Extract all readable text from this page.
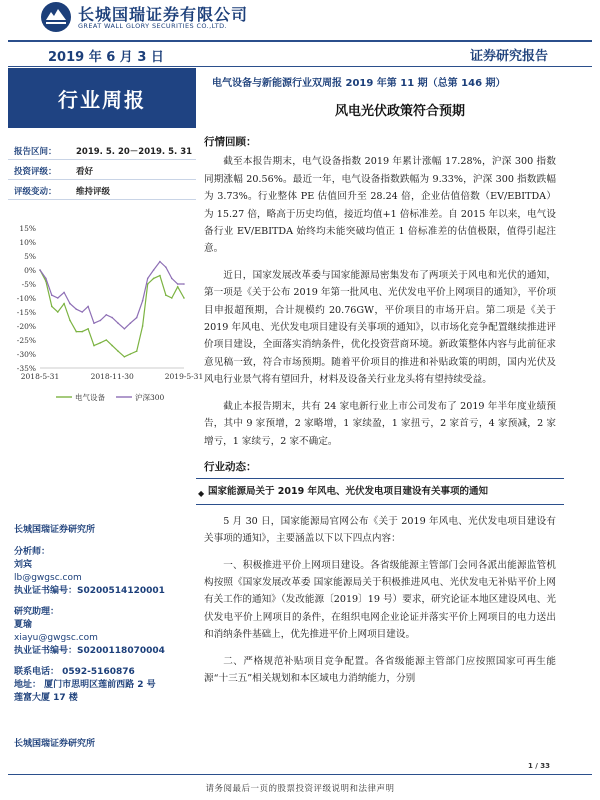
长城国瑞证券有限公司
GREAT WALL GLORY SECURITIES CO.,LTD.
2019 年 6 月 3 日	证券研究报告
行业周报
电气设备与新能源行业双周报 2019 年第 11 期（总第 146 期）
风电光伏政策符合预期
报告区间： 2019. 5. 20－2019. 5. 31
投资评级： 看好
评级变动： 维持评级
15%
10%
5%
0%
-5%
-10%
-15%
-20%
-25%
-30%
-35%
2018-5-31	2018-11-30	2019-5-31
电气设备	沪深300
长城国瑞证券研究所
分析师：
刘宾
lb@gwgsc.com
执业证书编号：S0200514120001
研究助理：
夏瑜
xiayu@gwgsc.com
执业证书编号：S0200118070004
联系电话： 0592-5160876
地址： 厦门市思明区莲前西路 2 号
莲富大厦 17 楼
长城国瑞证券研究所
行情回顾：

截至本报告期末，电气设备指数 2019 年累计涨幅 17.28%，沪深 300 指数同期涨幅 20.56%。最近一年，电气设备指数跌幅为 9.33%，沪深 300 指数跌幅为 3.73%。行业整体 PE 估值回升至 28.24 倍，企业估值倍数（EV/EBITDA）为 15.27 倍，略高于历史均值，接近均值+1 倍标准差。自 2015 年以来，电气设备行业 EV/EBITDA 始终均未能突破均值正 1 倍标准差的估值极限，值得引起注意。

近日，国家发展改革委与国家能源局密集发布了两项关于风电和光伏的通知，第一项是《关于公布 2019 年第一批风电、光伏发电平价上网项目的通知》，平价项目申报超预期，合计规模约 20.76GW，平价项目的市场开启。第二项是《关于 2019 年风电、光伏发电项目建设有关事项的通知》，以市场化竞争配置继续推进评价项目建设，全面落实消纳条件，优化投资营商环境。新政策整体内容与此前征求意见稿一致，符合市场预期。随着平价项目的推进和补贴政策的明朗，国内光伏及风电行业景气将有望回升，材料及设备关行业龙头将有望持续受益。

截止本报告期末，共有 24 家电新行业上市公司发布了 2019 年半年度业绩预告，其中 9 家预增，2 家略增，1 家续盈，1 家扭亏，2 家首亏，4 家预减，2 家增亏，1 家续亏，2 家不确定。

行业动态：
◆ 国家能源局关于 2019 年风电、光伏发电项目建设有关事项的通知

5 月 30 日，国家能源局官网公布《关于 2019 年风电、光伏发电项目建设有关事项的通知》，主要涵盖以下以下四点内容：

一、积极推进平价上网项目建设。各省级能源主管部门会同各派出能源监管机构按照《国家发展改革委 国家能源局关于积极推进风电、光伏发电无补贴平价上网有关工作的通知》（发改能源〔2019〕19 号）要求，研究论证本地区建设风电、光伏发电平价上网项目的条件，在组织电网企业论证并落实平价上网项目的电力送出和消纳条件基础上，优先推进平价上网项目建设。

二、严格规范补贴项目竞争配置。各省级能源主管部门应按照国家可再生能源“十三五”相关规划和本区域电力消纳能力，分别

1 / 33
请务阅最后一页的股票投资评级说明和法律声明
